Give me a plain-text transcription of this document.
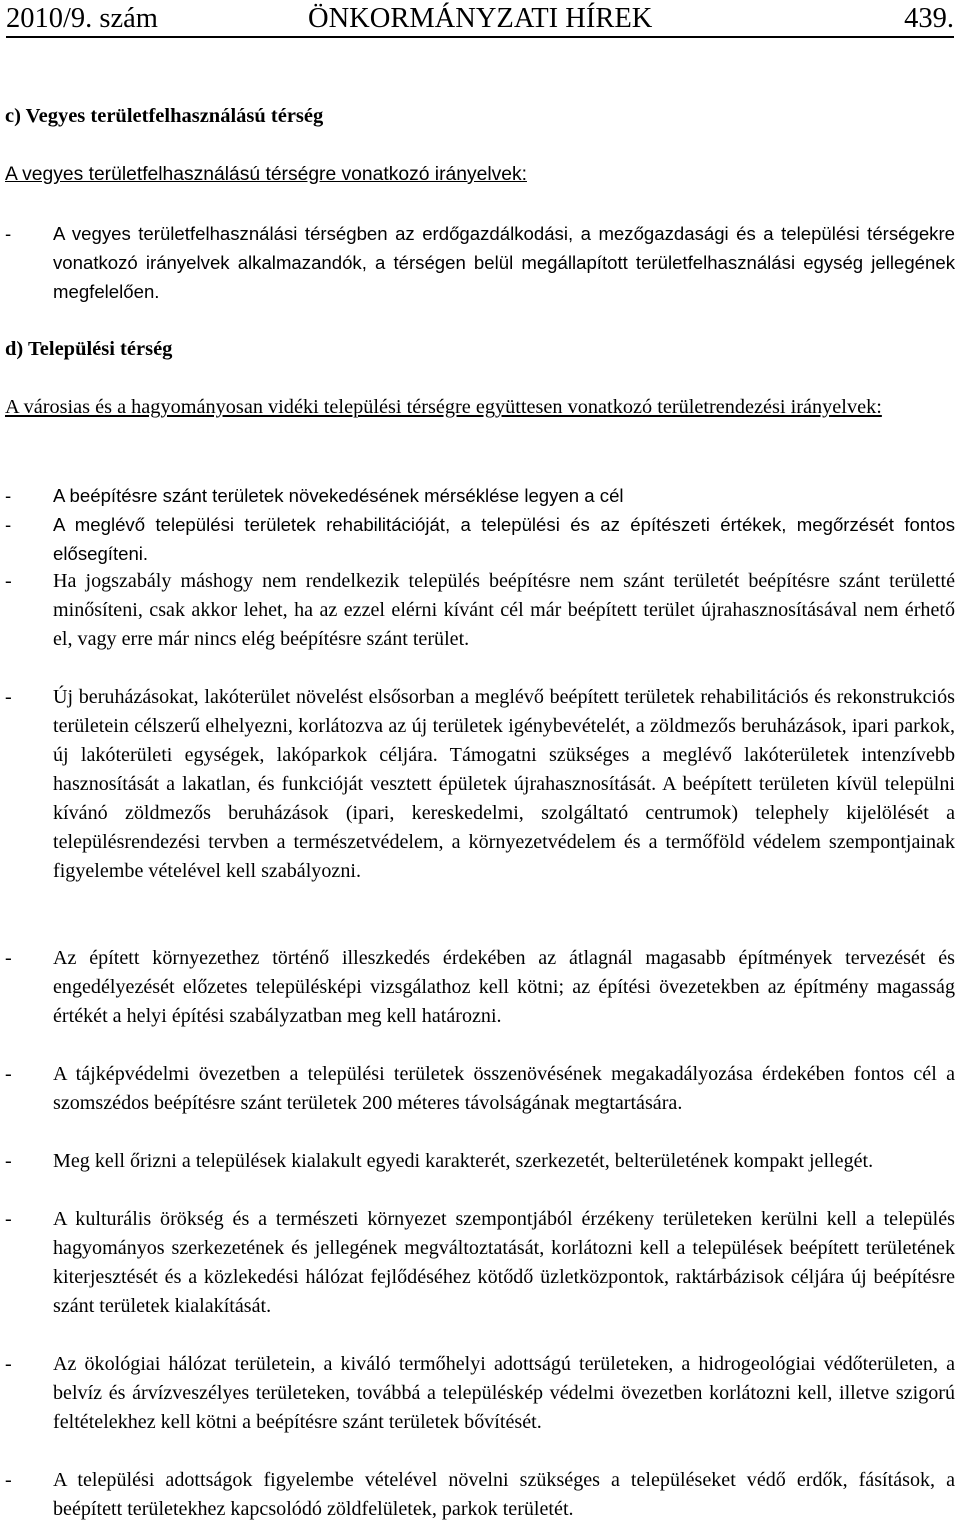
2010/9. szám	ÖNKORMÁNYZATI HÍREK	439.
c) Vegyes területfelhasználású térség
A vegyes területfelhasználású térségre vonatkozó irányelvek:
- A vegyes területfelhasználási térségben az erdőgazdálkodási, a mezőgazdasági és a települési térségekre vonatkozó irányelvek alkalmazandók, a térségen belül megállapított területfelhasználási egység jellegének megfelelően.
d) Települési térség
A városias és a hagyományosan vidéki települési térségre együttesen vonatkozó területrendezési irányelvek:
- A beépítésre szánt területek növekedésének mérséklése legyen a cél
- A meglévő települési területek rehabilitációját, a települési és az építészeti értékek, megőrzését fontos elősegíteni.
- Ha jogszabály máshogy nem rendelkezik település beépítésre nem szánt területét beépítésre szánt területté minősíteni, csak akkor lehet, ha az ezzel elérni kívánt cél már beépített terület újrahasznosításával nem érhető el, vagy erre már nincs elég beépítésre szánt terület.
- Új beruházásokat, lakóterület növelést elsősorban a meglévő beépített területek rehabilitációs és rekonstrukciós területein célszerű elhelyezni, korlátozva az új területek igénybevételét, a zöldmezős beruházások, ipari parkok, új lakóterületi egységek, lakóparkok céljára. Támogatni szükséges a meglévő lakóterületek intenzívebb hasznosítását a lakatlan, és funkcióját vesztett épületek újrahasznosítását. A beépített területen kívül települni kívánó zöldmezős beruházások (ipari, kereskedelmi, szolgáltató centrumok) telephely kijelölését a településrendezési tervben a természetvédelem, a környezetvédelem és a termőföld védelem szempontjainak figyelembe vételével kell szabályozni.
- Az épített környezethez történő illeszkedés érdekében az átlagnál magasabb építmények tervezését és engedélyezését előzetes településképi vizsgálathoz kell kötni; az építési övezetekben az építmény magasság értékét a helyi építési szabályzatban meg kell határozni.
- A tájképvédelmi övezetben a települési területek összenövésének megakadályozása érdekében fontos cél a szomszédos beépítésre szánt területek 200 méteres távolságának megtartására.
- Meg kell őrizni a települések kialakult egyedi karakterét, szerkezetét, belterületének kompakt jellegét.
- A kulturális örökség és a természeti környezet szempontjából érzékeny területeken kerülni kell a település hagyományos szerkezetének és jellegének megváltoztatását, korlátozni kell a települések beépített területének kiterjesztését és a közlekedési hálózat fejlődéséhez kötődő üzletközpontok, raktárbázisok céljára új beépítésre szánt területek kialakítását.
- Az ökológiai hálózat területein, a kiváló termőhelyi adottságú területeken, a hidrogeológiai védőterületen, a belvíz és árvízveszélyes területeken, továbbá a településkép védelmi övezetben korlátozni kell, illetve szigorú feltételekhez kell kötni a beépítésre szánt területek bővítését.
- A települési adottságok figyelembe vételével növelni szükséges a településeket védő erdők, fásítások, a beépített területekhez kapcsolódó zöldfelületek, parkok területét.
